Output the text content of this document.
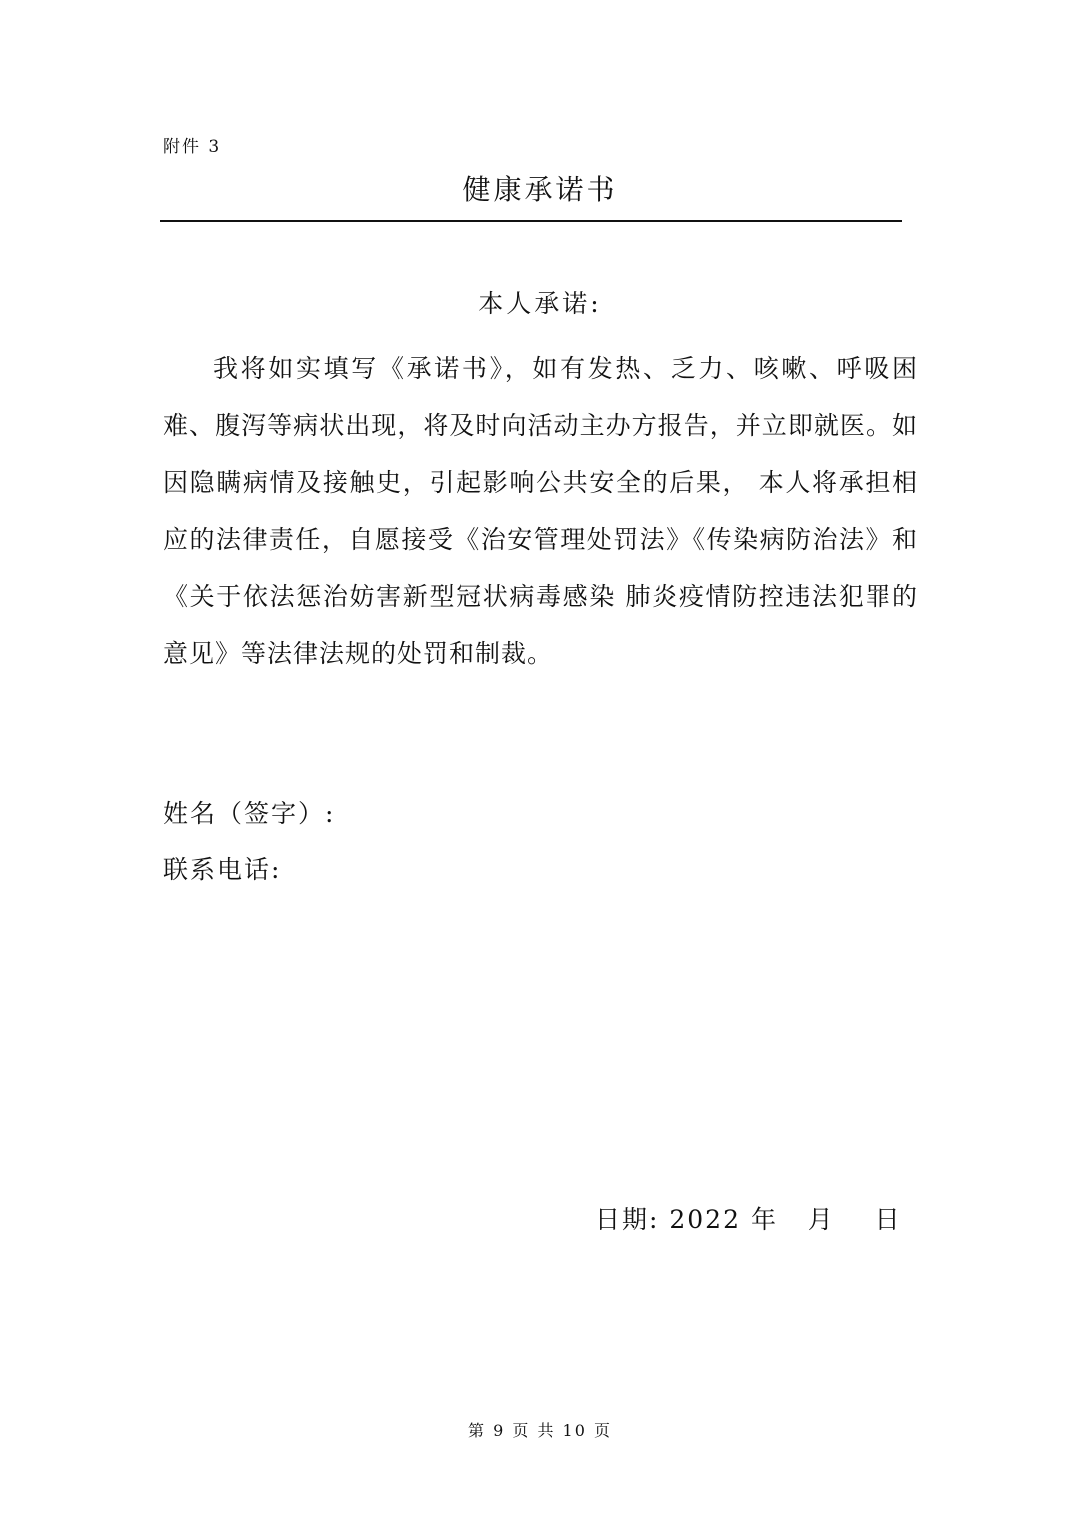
附件 3
健康承诺书
本人承诺:

我将如实填写《承诺书》，如有发热、乏力、咳嗽、呼吸困难、腹泻等病状出现，将及时向活动主办方报告，并立即就医。如因隐瞒病情及接触史，引起影响公共安全的后果， 本人将承担相应的法律责任，自愿接受《治安管理处罚法》《传染病防治法》和《关于依法惩治妨害新型冠状病毒感染 肺炎疫情防控违法犯罪的意见》等法律法规的处罚和制裁。

姓名（签字）:
联系电话:
日期: 2022 年   月    日
第 9 页 共 10 页
